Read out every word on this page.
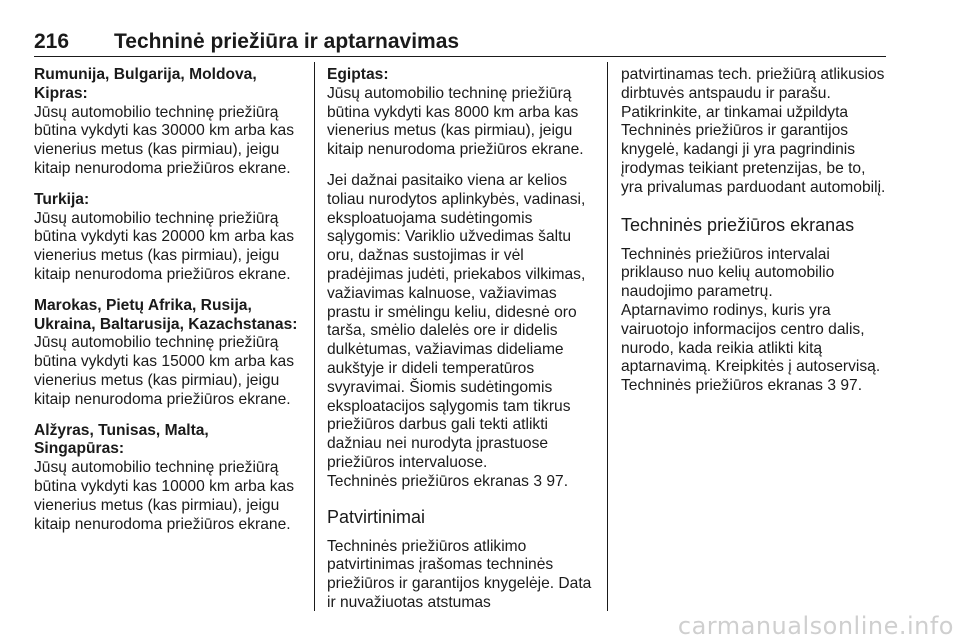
216 Techninė priežiūra ir aptarnavimas

Rumunija, Bulgarija, Moldova, Kipras:

Jūsų automobilio techninę priežiūrą būtina vykdyti kas 30000 km arba kas vienerius metus (kas pirmiau), jeigu kitaip nenurodoma priežiūros ekrane.

Turkija:

Jūsų automobilio techninę priežiūrą būtina vykdyti kas 20000 km arba kas vienerius metus (kas pirmiau), jeigu kitaip nenurodoma priežiūros ekrane.

Marokas, Pietų Afrika, Rusija, Ukraina, Baltarusija, Kazachstanas:

Jūsų automobilio techninę priežiūrą būtina vykdyti kas 15000 km arba kas vienerius metus (kas pirmiau), jeigu kitaip nenurodoma priežiūros ekrane.

Alžyras, Tunisas, Malta, Singapūras:

Jūsų automobilio techninę priežiūrą būtina vykdyti kas 10000 km arba kas vienerius metus (kas pirmiau), jeigu kitaip nenurodoma priežiūros ekrane.

Egiptas:

Jūsų automobilio techninę priežiūrą būtina vykdyti kas 8000 km arba kas vienerius metus (kas pirmiau), jeigu kitaip nenurodoma priežiūros ekrane.

Jei dažnai pasitaiko viena ar kelios toliau nurodytos aplinkybės, vadinasi, eksploatuojama sudėtingomis sąlygomis: Variklio užvedimas šaltu oru, dažnas sustojimas ir vėl pradėjimas judėti, priekabos vilkimas, važiavimas kalnuose, važiavimas prastu ir smėlingu keliu, didesnė oro tarša, smėlio dalelės ore ir didelis dulkėtumas, važiavimas dideliame aukštyje ir dideli temperatūros svyravimai. Šiomis sudėtingomis eksploatacijos sąlygomis tam tikrus priežiūros darbus gali tekti atlikti dažniau nei nurodyta įprastuose priežiūros intervaluose.

Techninės priežiūros ekranas 3 97.

Patvirtinimai

Techninės priežiūros atlikimo patvirtinimas įrašomas techninės priežiūros ir garantijos knygelėje. Data ir nuvažiuotas atstumas

patvirtinamas tech. priežiūrą atlikusios dirbtuvės antspaudu ir parašu.

Patikrinkite, ar tinkamai užpildyta Techninės priežiūros ir garantijos knygelė, kadangi ji yra pagrindinis įrodymas teikiant pretenzijas, be to, yra privalumas parduodant automobilį.

Techninės priežiūros ekranas

Techninės priežiūros intervalai priklauso nuo kelių automobilio naudojimo parametrų.

Aptarnavimo rodinys, kuris yra vairuotojo informacijos centro dalis, nurodo, kada reikia atlikti kitą aptarnavimą. Kreipkitės į autoservisą.

Techninės priežiūros ekranas 3 97.

carmanualsonline.info
